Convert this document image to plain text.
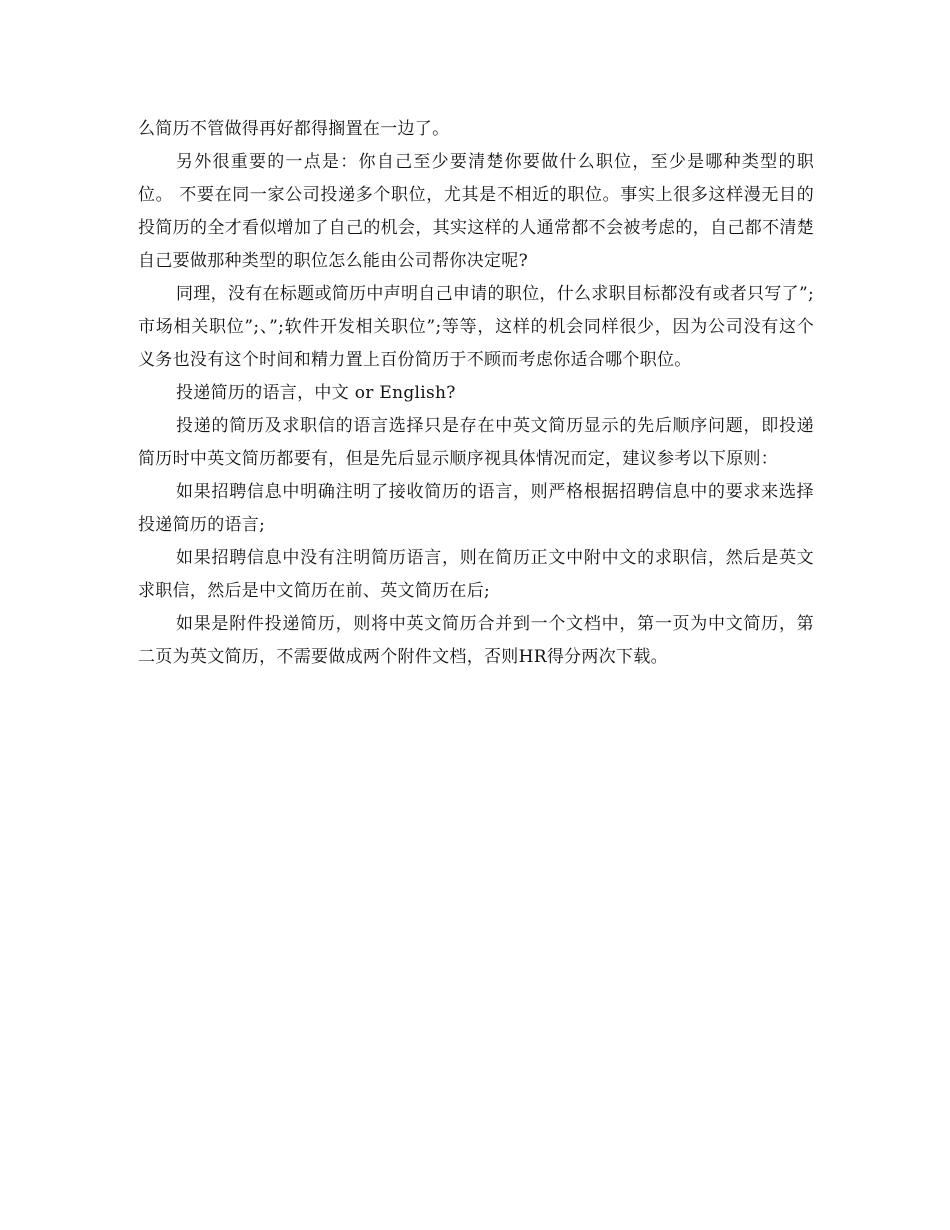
么简历不管做得再好都得搁置在一边了。

另外很重要的一点是：你自己至少要清楚你要做什么职位，至少是哪种类型的职位。 不要在同一家公司投递多个职位，尤其是不相近的职位。事实上很多这样漫无目的投简历的全才看似增加了自己的机会，其实这样的人通常都不会被考虑的，自己都不清楚自己要做那种类型的职位怎么能由公司帮你决定呢?

同理，没有在标题或简历中声明自己申请的职位，什么求职目标都没有或者只写了”;市场相关职位”;、”;软件开发相关职位”;等等，这样的机会同样很少，因为公司没有这个义务也没有这个时间和精力置上百份简历于不顾而考虑你适合哪个职位。

投递简历的语言，中文 or English?

投递的简历及求职信的语言选择只是存在中英文简历显示的先后顺序问题，即投递简历时中英文简历都要有，但是先后显示顺序视具体情况而定，建议参考以下原则：

如果招聘信息中明确注明了接收简历的语言，则严格根据招聘信息中的要求来选择投递简历的语言;

如果招聘信息中没有注明简历语言，则在简历正文中附中文的求职信，然后是英文求职信，然后是中文简历在前、英文简历在后;

如果是附件投递简历，则将中英文简历合并到一个文档中，第一页为中文简历，第二页为英文简历，不需要做成两个附件文档，否则HR得分两次下载。
